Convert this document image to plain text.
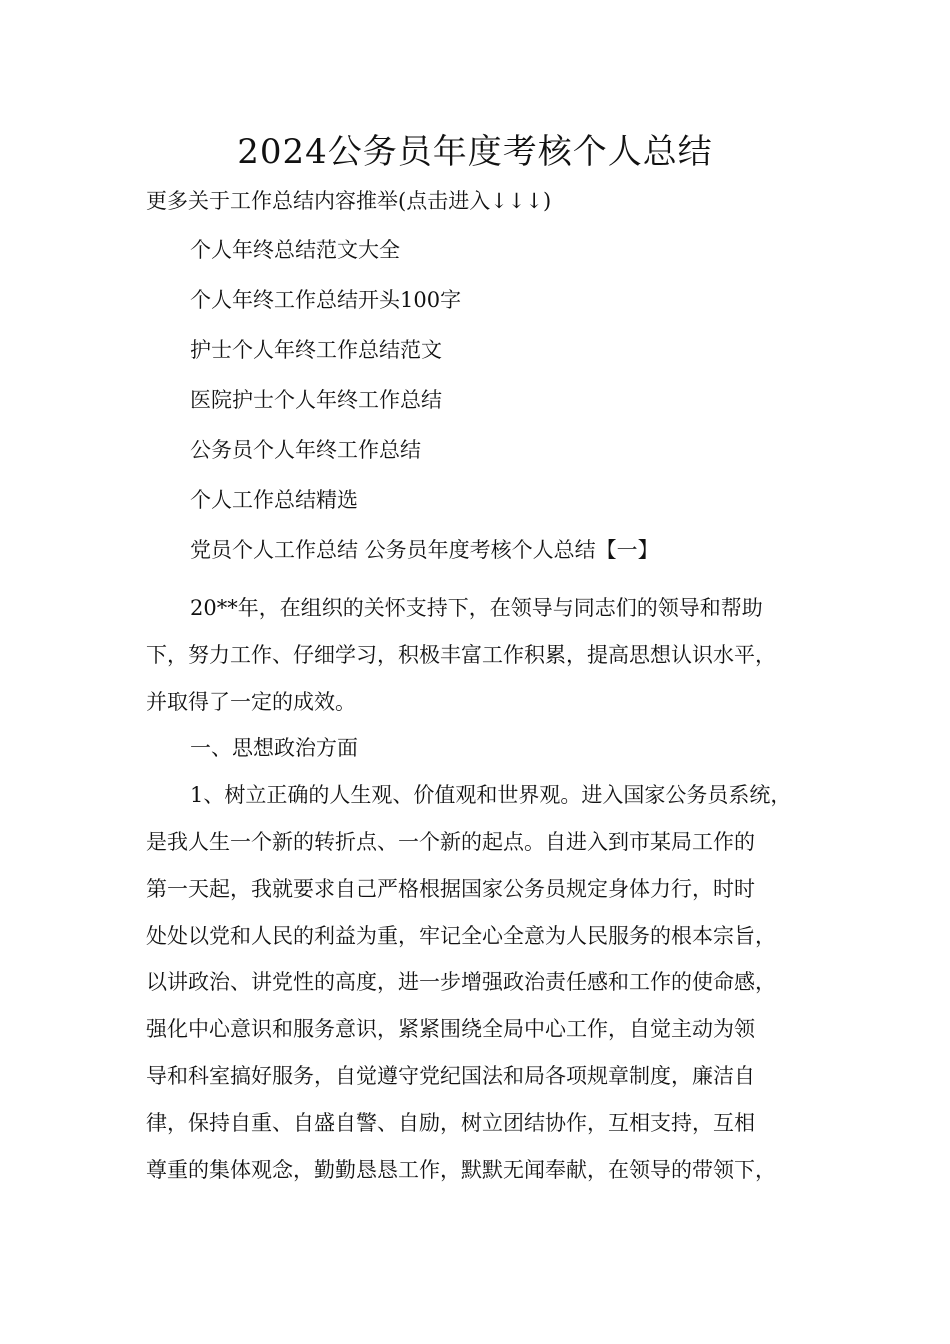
2024公务员年度考核个人总结
更多关于工作总结内容推举(点击进入↓↓↓)
个人年终总结范文大全
个人年终工作总结开头100字
护士个人年终工作总结范文
医院护士个人年终工作总结
公务员个人年终工作总结
个人工作总结精选
党员个人工作总结 公务员年度考核个人总结【一】

20**年，在组织的关怀支持下，在领导与同志们的领导和帮助
下，努力工作、仔细学习，积极丰富工作积累，提高思想认识水平，
并取得了一定的成效。

一、思想政治方面

1、树立正确的人生观、价值观和世界观。进入国家公务员系统，
是我人生一个新的转折点、一个新的起点。自进入到市某局工作的
第一天起，我就要求自己严格根据国家公务员规定身体力行，时时
处处以党和人民的利益为重，牢记全心全意为人民服务的根本宗旨，
以讲政治、讲党性的高度，进一步增强政治责任感和工作的使命感，
强化中心意识和服务意识，紧紧围绕全局中心工作，自觉主动为领
导和科室搞好服务，自觉遵守党纪国法和局各项规章制度，廉洁自
律，保持自重、自盛自警、自励，树立团结协作，互相支持，互相
尊重的集体观念，勤勤恳恳工作，默默无闻奉献，在领导的带领下，
